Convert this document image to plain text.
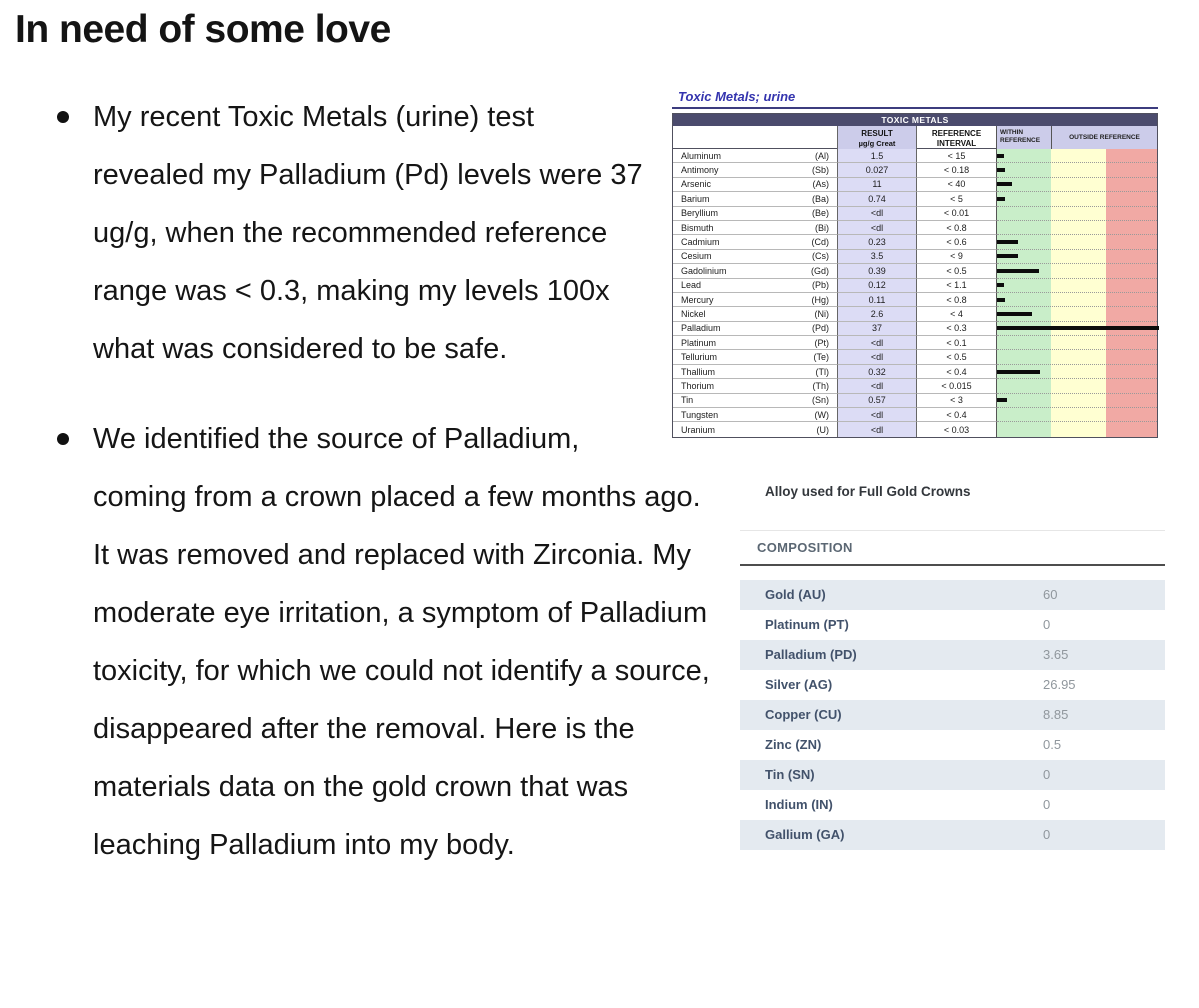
In need of some love
Toxic Metals; urine
TOXIC METALS
RESULT
µg/g Creat
REFERENCE
INTERVAL
WITHIN REFERENCE	OUTSIDE REFERENCE
Aluminum	(Al)	1.5	< 15
Antimony	(Sb)	0.027	< 0.18
Arsenic	(As)	11	< 40
Barium	(Ba)	0.74	< 5
Beryllium	(Be)	<dl	< 0.01
Bismuth	(Bi)	<dl	< 0.8
Cadmium	(Cd)	0.23	< 0.6
Cesium	(Cs)	3.5	< 9
Gadolinium	(Gd)	0.39	< 0.5
Lead	(Pb)	0.12	< 1.1
Mercury	(Hg)	0.11	< 0.8
Nickel	(Ni)	2.6	< 4
Palladium	(Pd)	37	< 0.3
Platinum	(Pt)	<dl	< 0.1
Tellurium	(Te)	<dl	< 0.5
Thallium	(Tl)	0.32	< 0.4
Thorium	(Th)	<dl	< 0.015
Tin	(Sn)	0.57	< 3
Tungsten	(W)	<dl	< 0.4
Uranium	(U)	<dl	< 0.03
My recent Toxic Metals (urine) test revealed my Palladium (Pd) levels were 37 ug/g, when the recommended reference range was < 0.3, making my levels 100x what was considered to be safe.
Alloy used for Full Gold Crowns
COMPOSITION
Gold (AU)	60
Platinum (PT)	0
Palladium (PD)	3.65
Silver (AG)	26.95
Copper (CU)	8.85
Zinc (ZN)	0.5
Tin (SN)	0
Indium (IN)	0
Gallium (GA)	0
We identified the source of Palladium, coming from a crown placed a few months ago. It was removed and replaced with Zirconia. My moderate eye irritation, a symptom of Palladium toxicity, for which we could not identify a source, disappeared after the removal. Here is the materials data on the gold crown that was leaching Palladium into my body.
